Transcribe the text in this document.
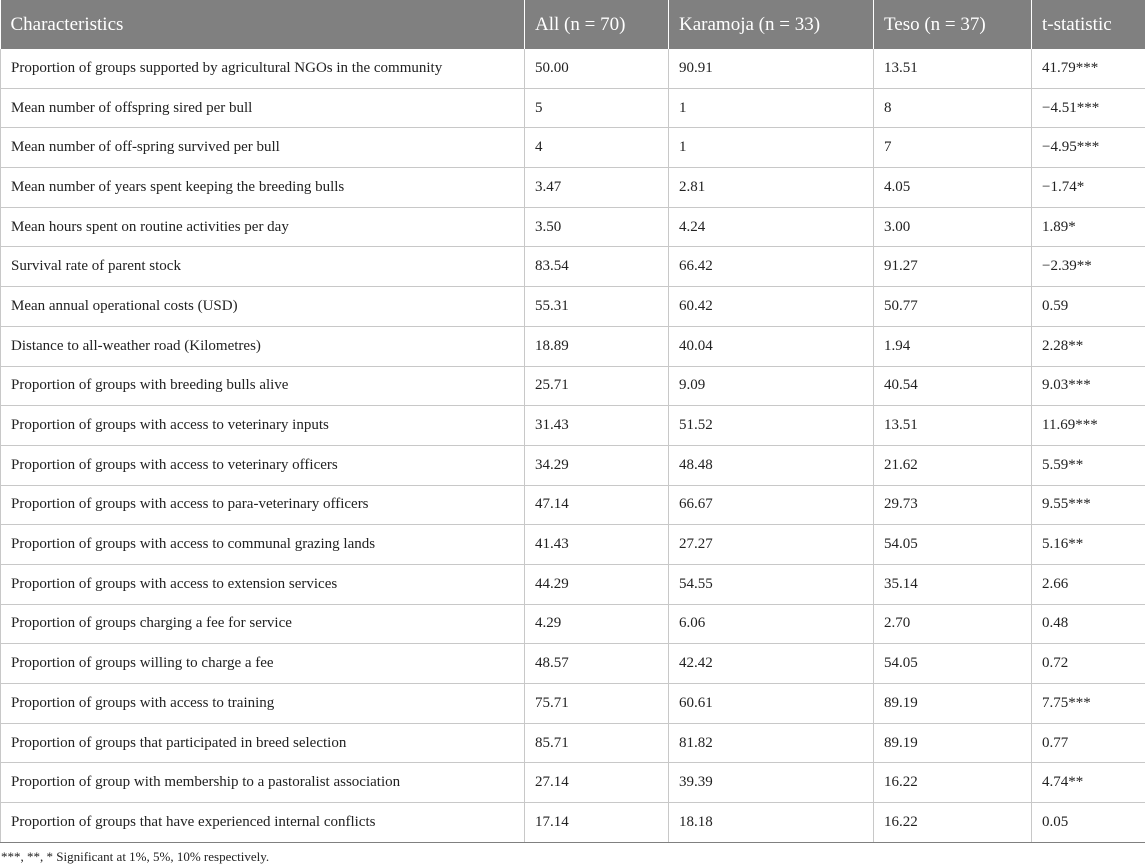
Characteristics	All (n = 70)	Karamoja (n = 33)	Teso (n = 37)	t-statistic
Proportion of groups supported by agricultural NGOs in the community	50.00	90.91	13.51	41.79***
Mean number of offspring sired per bull	5	1	8	−4.51***
Mean number of off-spring survived per bull	4	1	7	−4.95***
Mean number of years spent keeping the breeding bulls	3.47	2.81	4.05	−1.74*
Mean hours spent on routine activities per day	3.50	4.24	3.00	1.89*
Survival rate of parent stock	83.54	66.42	91.27	−2.39**
Mean annual operational costs (USD)	55.31	60.42	50.77	0.59
Distance to all-weather road (Kilometres)	18.89	40.04	1.94	2.28**
Proportion of groups with breeding bulls alive	25.71	9.09	40.54	9.03***
Proportion of groups with access to veterinary inputs	31.43	51.52	13.51	11.69***
Proportion of groups with access to veterinary officers	34.29	48.48	21.62	5.59**
Proportion of groups with access to para-veterinary officers	47.14	66.67	29.73	9.55***
Proportion of groups with access to communal grazing lands	41.43	27.27	54.05	5.16**
Proportion of groups with access to extension services	44.29	54.55	35.14	2.66
Proportion of groups charging a fee for service	4.29	6.06	2.70	0.48
Proportion of groups willing to charge a fee	48.57	42.42	54.05	0.72
Proportion of groups with access to training	75.71	60.61	89.19	7.75***
Proportion of groups that participated in breed selection	85.71	81.82	89.19	0.77
Proportion of group with membership to a pastoralist association	27.14	39.39	16.22	4.74**
Proportion of groups that have experienced internal conflicts	17.14	18.18	16.22	0.05
***, **, * Significant at 1%, 5%, 10% respectively.
